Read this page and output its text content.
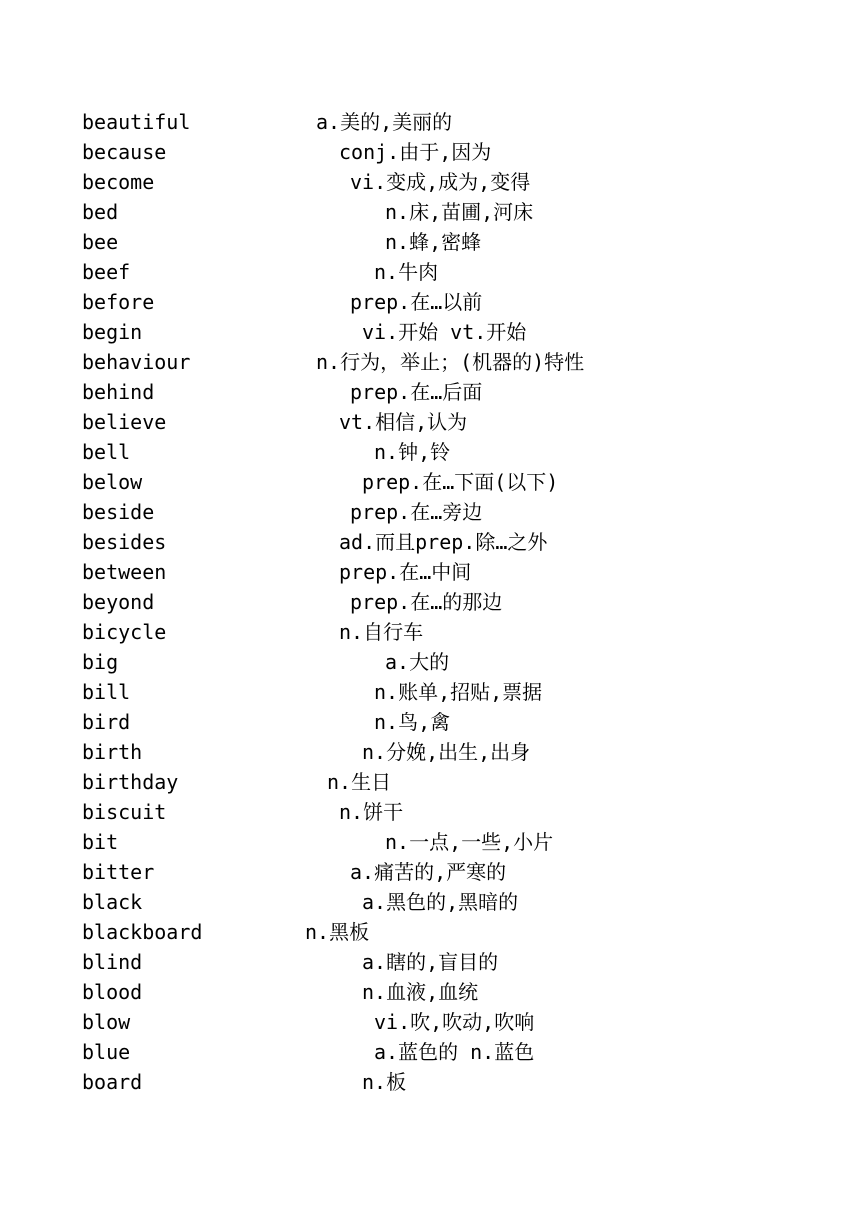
beautiful	a.美的,美丽的
because	conj.由于,因为
become	vi.变成,成为,变得
bed	n.床,苗圃,河床
bee	n.蜂,密蜂
beef	n.牛肉
before	prep.在…以前
begin	vi.开始 vt.开始
behaviour	n.行为，举止；(机器的)特性
behind	prep.在…后面
believe	vt.相信,认为
bell	n.钟,铃
below	prep.在…下面(以下)
beside	prep.在…旁边
besides	ad.而且prep.除…之外
between	prep.在…中间
beyond	prep.在…的那边
bicycle	n.自行车
big	a.大的
bill	n.账单,招贴,票据
bird	n.鸟,禽
birth	n.分娩,出生,出身
birthday	n.生日
biscuit	n.饼干
bit	n.一点,一些,小片
bitter	a.痛苦的,严寒的
black	a.黑色的,黑暗的
blackboard	n.黑板
blind	a.瞎的,盲目的
blood	n.血液,血统
blow	vi.吹,吹动,吹响
blue	a.蓝色的 n.蓝色
board	n.板
